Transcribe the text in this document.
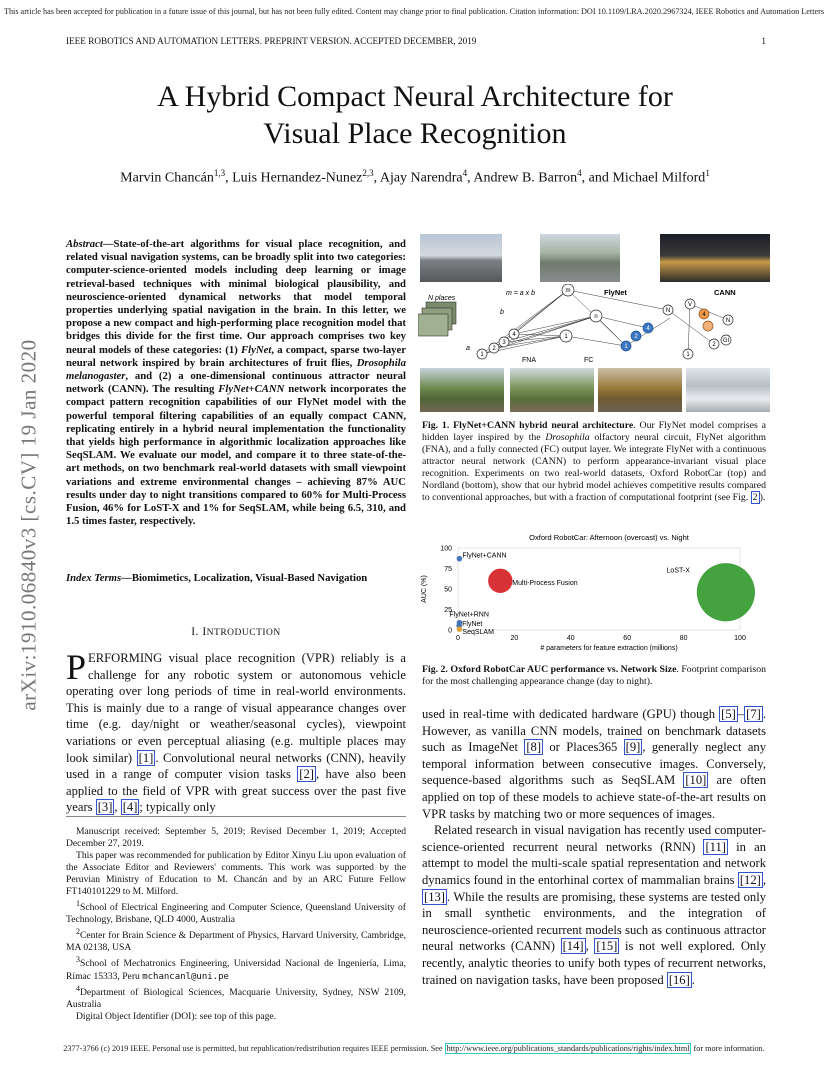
This article has been accepted for publication in a future issue of this journal, but has not been fully edited. Content may change prior to final publication. Citation information: DOI 10.1109/LRA.2020.2967324, IEEE Robotics and Automation Letters
IEEE ROBOTICS AND AUTOMATION LETTERS. PREPRINT VERSION. ACCEPTED DECEMBER, 2019	1
A Hybrid Compact Neural Architecture for
Visual Place Recognition
Marvin Chancán$^{1,3}$, Luis Hernandez-Nunez$^{2,3}$, Ajay Narendra$^4$, Andrew B. Barron$^4$, and Michael Milford$^1$
arXiv:1910.06840v3 [cs.CV] 19 Jan 2020
Abstract—State-of-the-art algorithms for visual place recognition, and related visual navigation systems, can be broadly split into two categories: computer-science-oriented models including deep learning or image retrieval-based techniques with minimal biological plausibility, and neuroscience-oriented dynamical networks that model temporal properties underlying spatial navigation in the brain. In this letter, we propose a new compact and high-performing place recognition model that bridges this divide for the first time. Our approach comprises two key neural models of these categories: (1) FlyNet, a compact, sparse two-layer neural network inspired by brain architectures of fruit flies, Drosophila melanogaster, and (2) a one-dimensional continuous attractor neural network (CANN). The resulting FlyNet+CANN network incorporates the compact pattern recognition capabilities of our FlyNet model with the powerful temporal filtering capabilities of an equally compact CANN, replicating entirely in a hybrid neural implementation the functionality that yields high performance in algorithmic localization approaches like SeqSLAM. We evaluate our model, and compare it to three state-of-the-art methods, on two benchmark real-world datasets with small viewpoint variations and extreme environmental changes – achieving 87% AUC results under day to night transitions compared to 60% for Multi-Process Fusion, 46% for LoST-X and 1% for SeqSLAM, while being 6.5, 310, and 1.5 times faster, respectively.
Index Terms—Biomimetics, Localization, Visual-Based Navigation
I. INTRODUCTION
PERFORMING visual place recognition (VPR) reliably is a challenge for any robotic system or autonomous vehicle operating over long periods of time in real-world environments. This is mainly due to a range of visual appearance changes over time (e.g. day/night or weather/seasonal cycles), viewpoint variations or even perceptual aliasing (e.g. multiple places may look similar) [1] . Convolutional neural networks (CNN), heavily used in a range of computer vision tasks [2] , have also been applied to the field of VPR with great success over the past five years [3] , [4] ; typically only

Manuscript received: September 5, 2019; Revised December 1, 2019; Accepted December 27, 2019.

This paper was recommended for publication by Editor Xinyu Liu upon evaluation of the Associate Editor and Reviewers' comments. This work was supported by the Peruvian Ministry of Education to M. Chancán and by an ARC Future Fellow FT140101229 to M. Milford.

$^1$School of Electrical Engineering and Computer Science, Queensland University of Technology, Brisbane, QLD 4000, Australia

$^2$Center for Brain Science & Department of Physics, Harvard University, Cambridge, MA 02138, USA

$^3$School of Mechatronics Engineering, Universidad Nacional de Ingeniería, Lima, Rímac 15333, Peru mchancanl@uni.pe

$^4$Department of Biological Sciences, Macquarie University, Sydney, NSW 2109, Australia

Digital Object Identifier (DOI): see top of this page.

N places
m = a x b	FlyNet	CANN
b
a
FNA	FC
1
2
3
4
m
n
1
1
2
4
N
V
4
N
1
2
GI
Fig. 1. FlyNet+CANN hybrid neural architecture. Our FlyNet model comprises a hidden layer inspired by the Drosophila olfactory neural circuit, FlyNet algorithm (FNA), and a fully connected (FC) output layer. We integrate FlyNet with a continuous attractor neural network (CANN) to perform appearance-invariant visual place recognition. Experiments on two real-world datasets, Oxford RobotCar (top) and Nordland (bottom), show that our hybrid model achieves competitive results compared to conventional approaches, but with a fraction of computational footprint (see Fig. 2 ).
Oxford RobotCar: Afternoon (overcast) vs. Night
0	20	40	60	80	100
0
25
50
75
100
# parameters for feature extraction (millions)
AUC (%)
FlyNet+CANN
Multi-Process Fusion
LoST-X
FlyNet+RNN
FlyNet
SeqSLAM
Fig. 2. Oxford RobotCar AUC performance vs. Network Size. Footprint comparison for the most challenging appearance change (day to night).

used in real-time with dedicated hardware (GPU) though [5] – [7] . However, as vanilla CNN models, trained on benchmark datasets such as ImageNet [8] or Places365 [9] , generally neglect any temporal information between consecutive images. Conversely, sequence-based algorithms such as SeqSLAM [10] are often applied on top of these models to achieve state-of-the-art results on VPR tasks by matching two or more sequences of images.

Related research in visual navigation has recently used computer-science-oriented recurrent neural networks (RNN) [11] in an attempt to model the multi-scale spatial representation and network dynamics found in the entorhinal cortex of mammalian brains [12] , [13] . While the results are promising, these systems are tested only in small synthetic environments, and the integration of neuroscience-oriented recurrent models such as continuous attractor neural networks (CANN) [14] , [15] is not well explored. Only recently, analytic theories to unify both types of recurrent networks, trained on navigation tasks, have been proposed [16] .

2377-3766 (c) 2019 IEEE. Personal use is permitted, but republication/redistribution requires IEEE permission. See http://www.ieee.org/publications_standards/publications/rights/index.html for more information.
